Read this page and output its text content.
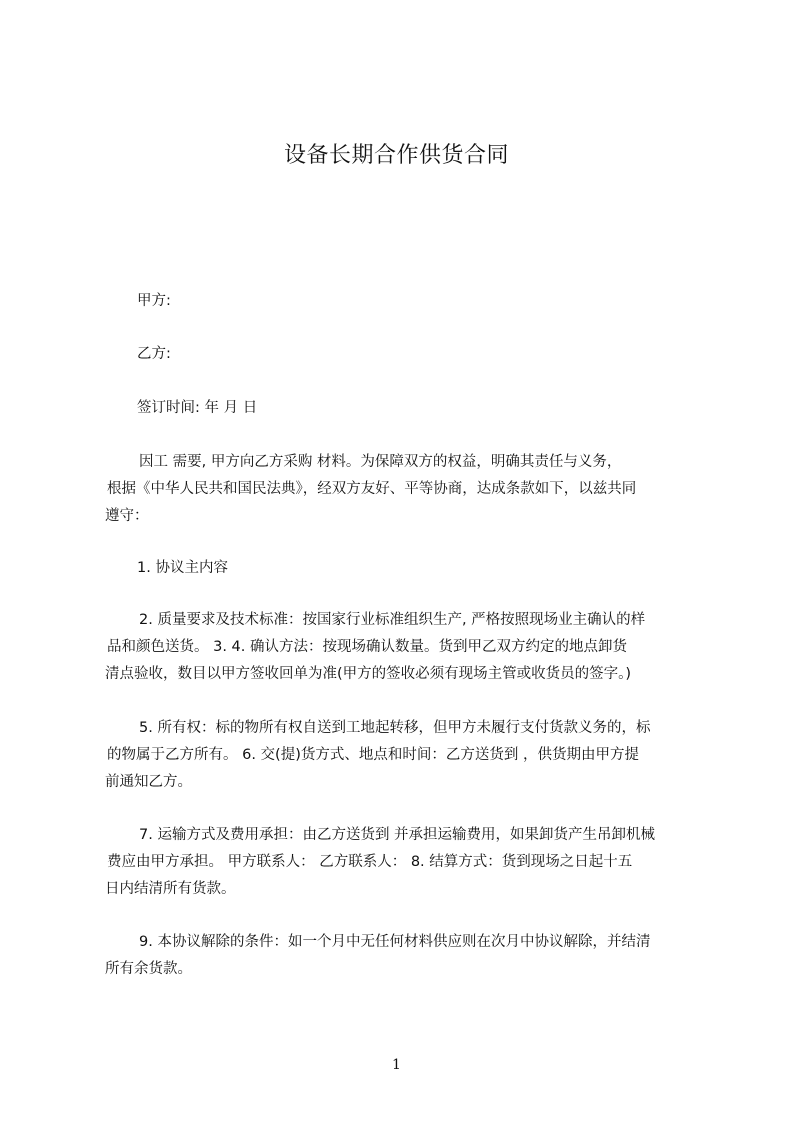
设备长期合作供货合同
甲方:
乙方:
签订时间: 年 月 日
因工 需要, 甲方向乙方采购 材料。为保障双方的权益，明确其责任与义务，
根据《中华人民共和国民法典》，经双方友好、平等协商，达成条款如下，以兹共同
遵守：
1. 协议主内容
2. 质量要求及技术标准：按国家行业标准组织生产, 严格按照现场业主确认的样
品和颜色送货。 3. 4. 确认方法：按现场确认数量。货到甲乙双方约定的地点卸货
清点验收，数目以甲方签收回单为准(甲方的签收必须有现场主管或收货员的签字。)
5. 所有权：标的物所有权自送到工地起转移，但甲方未履行支付货款义务的，标
的物属于乙方所有。 6. 交(提)货方式、地点和时间：乙方送货到 ，供货期由甲方提
前通知乙方。
7. 运输方式及费用承担：由乙方送货到 并承担运输费用，如果卸货产生吊卸机械
费应由甲方承担。 甲方联系人： 乙方联系人： 8. 结算方式：货到现场之日起十五
日内结清所有货款。
9. 本协议解除的条件：如一个月中无任何材料供应则在次月中协议解除，并结清
所有余货款。
1
